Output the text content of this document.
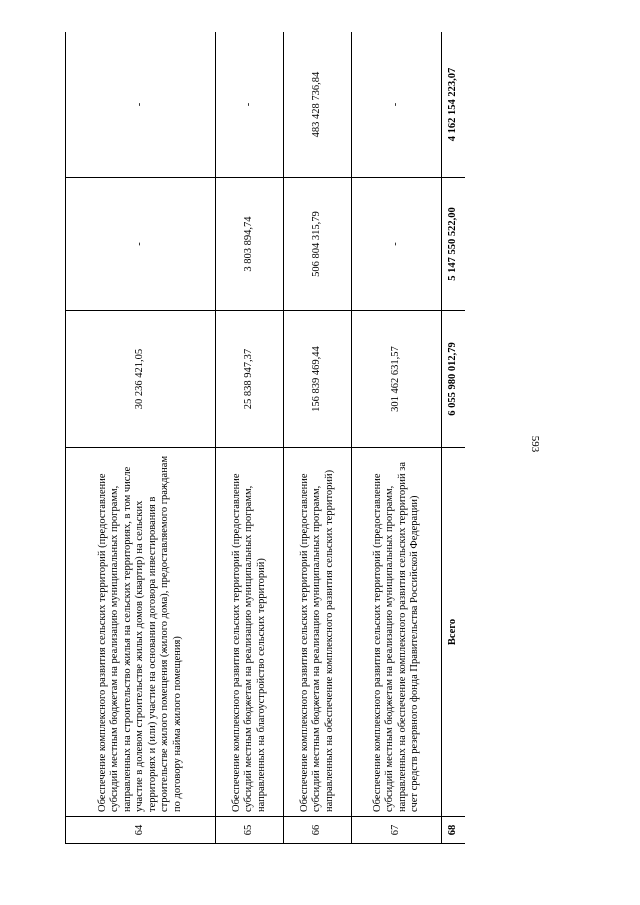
593
64	Обеспечение комплексного развития сельских территорий (предоставление субсидий местным бюджетам на реализацию муниципальных программ, направленных на строительство жилья на сельских территориях, в том числе участие в долевом строительстве жилых домов (квартир) на сельских территориях и (или) участие на основании договора инвестирования в строительстве жилого помещения (жилого дома), предоставляемого гражданам по договору найма жилого помещения)	30 236 421,05	-	-
65	Обеспечение комплексного развития сельских территорий (предоставление субсидий местным бюджетам на реализацию муниципальных программ, направленных на благоустройство сельских территорий)	25 838 947,37	3 803 894,74	-
66	Обеспечение комплексного развития сельских территорий (предоставление субсидий местным бюджетам на реализацию муниципальных программ, направленных на обеспечение комплексного развития сельских территорий)	156 839 469,44	506 804 315,79	483 428 736,84
67	Обеспечение комплексного развития сельских территорий (предоставление субсидий местным бюджетам на реализацию муниципальных программ, направленных на обеспечение комплексного развития сельских территорий за счет средств резервного фонда Правительства Российской Федерации)	301 462 631,57	-	-
68	Всего	6 055 980 012,79	5 147 550 522,00	4 162 154 223,07
